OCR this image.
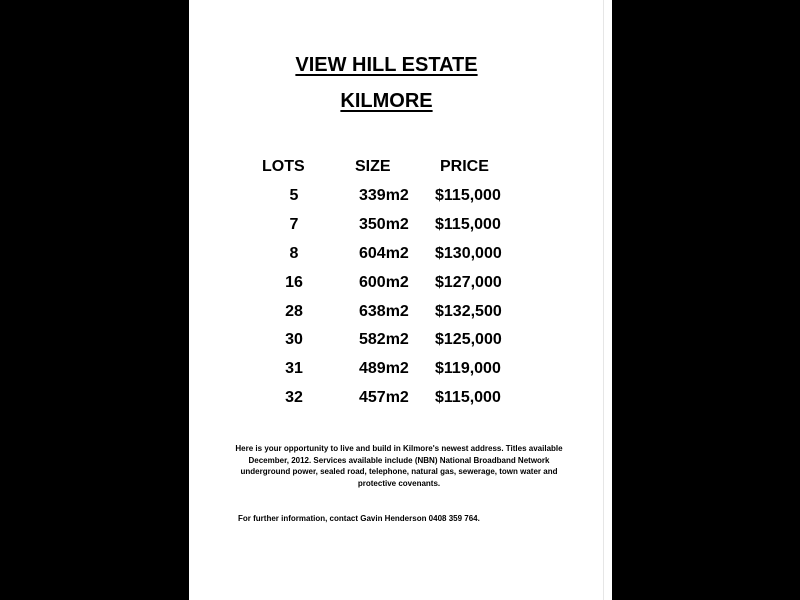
VIEW HILL ESTATE
KILMORE
LOTS	SIZE	PRICE
5	339m2	$115,000
7	350m2	$115,000
8	604m2	$130,000
16	600m2	$127,000
28	638m2	$132,500
30	582m2	$125,000
31	489m2	$119,000
32	457m2	$115,000
Here is your opportunity to live and build in Kilmore's newest address. Titles available December, 2012. Services available include (NBN) National Broadband Network underground power, sealed road, telephone, natural gas, sewerage, town water and protective covenants.
For further information, contact Gavin Henderson 0408 359 764.
